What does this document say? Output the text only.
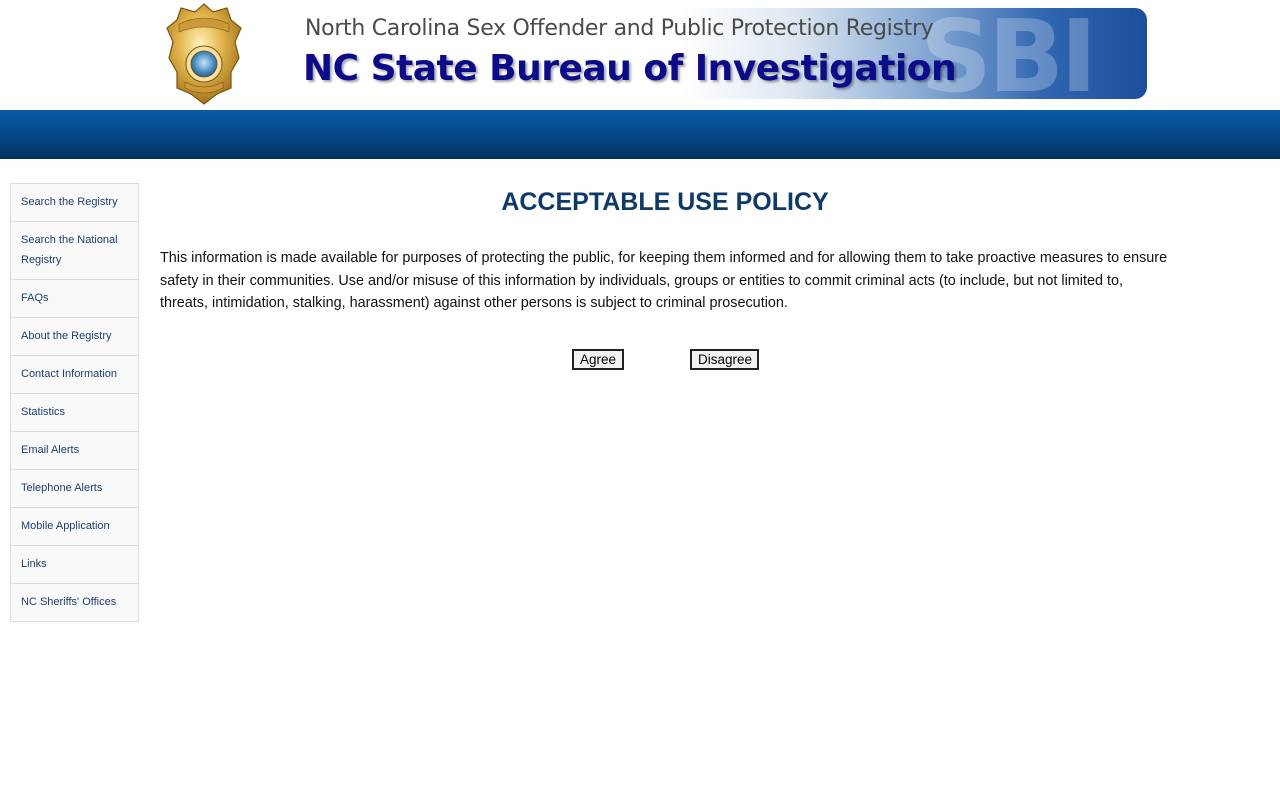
SBI
North Carolina Sex Offender and Public Protection Registry
NC State Bureau of Investigation
Search the Registry
Search the National Registry
FAQs
About the Registry
Contact Information
Statistics
Email Alerts
Telephone Alerts
Mobile Application
Links
NC Sheriffs' Offices
ACCEPTABLE USE POLICY

This information is made available for purposes of protecting the public, for keeping them informed and for allowing them to take proactive measures to ensure safety in their communities. Use and/or misuse of this information by individuals, groups or entities to commit criminal acts (to include, but not limited to, threats, intimidation, stalking, harassment) against other persons is subject to criminal prosecution.

Agree	Disagree
